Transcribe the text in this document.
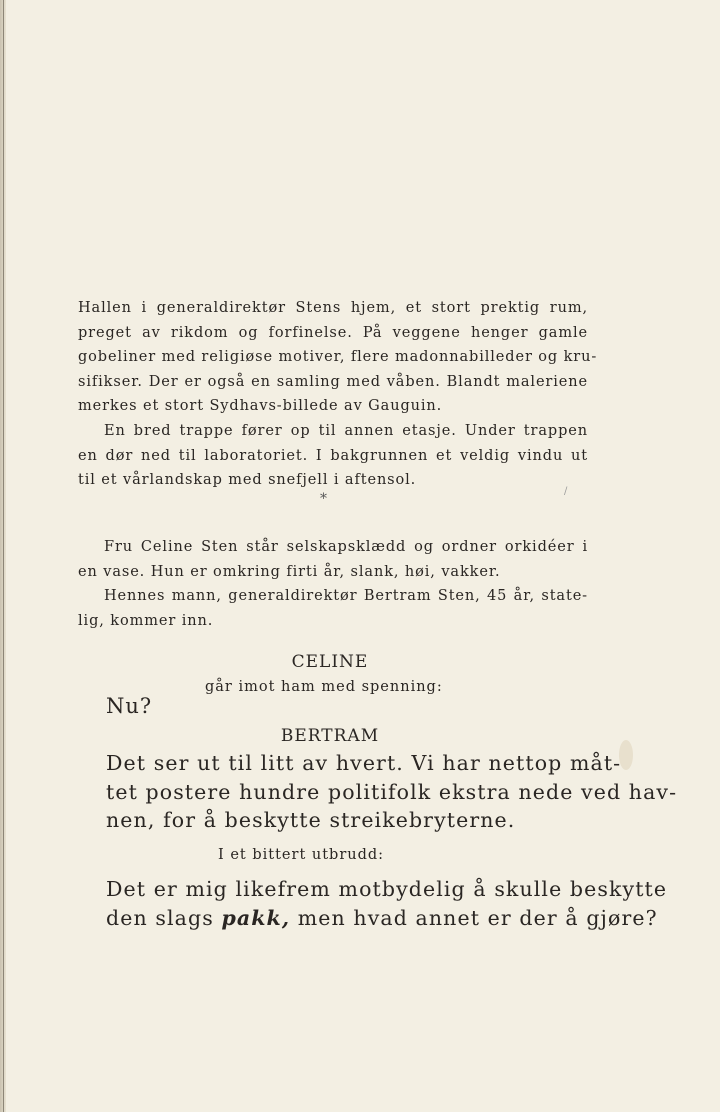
Hallen i generaldirektør Stens hjem, et stort prektig rum,
preget av rikdom og forfinelse. På veggene henger gamle
gobeliner med religiøse motiver, flere madonnabilleder og kru-
sifikser. Der er også en samling med våben. Blandt maleriene
merkes et stort Sydhavs-billede av Gauguin.
En bred trappe fører op til annen etasje. Under trappen
en dør ned til laboratoriet. I bakgrunnen et veldig vindu ut
til et vårlandskap med snefjell i aftensol.
*	/
Fru Celine Sten står selskapsklædd og ordner orkidéer i
en vase. Hun er omkring firti år, slank, høi, vakker.
Hennes mann, generaldirektør Bertram Sten, 45 år, state-
lig, kommer inn.
CELINE
går imot ham med spenning:
Nu?
BERTRAM
Det ser ut til litt av hvert. Vi har nettop måt-
tet postere hundre politifolk ekstra nede ved hav-
nen, for å beskytte streikebryterne.
I et bittert utbrudd:
Det er mig likefrem motbydelig å skulle beskytte
den slags pakk, men hvad annet er der å gjøre?
